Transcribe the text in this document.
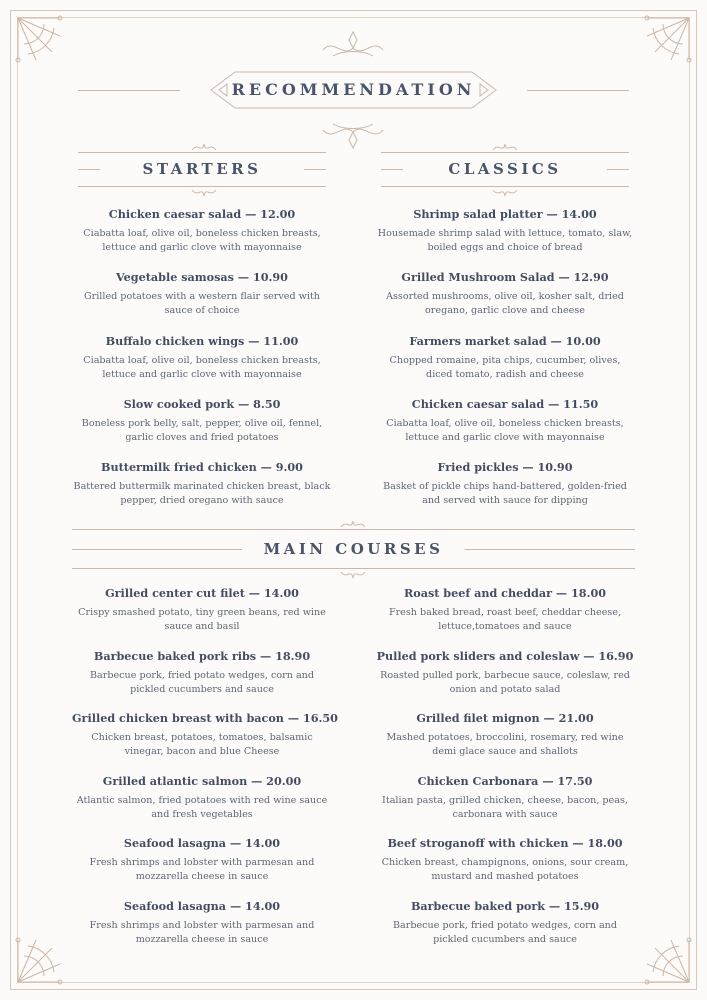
RECOMMENDATION
STARTERS	CLASSICS
Chicken caesar salad — 12.00
Ciabatta loaf, olive oil, boneless chicken breasts, lettuce and garlic clove with mayonnaise
Vegetable samosas — 10.90
Grilled potatoes with a western flair served with sauce of choice
Buffalo chicken wings — 11.00
Ciabatta loaf, olive oil, boneless chicken breasts, lettuce and garlic clove with mayonnaise
Slow cooked pork — 8.50
Boneless pork belly, salt, pepper, olive oil, fennel, garlic cloves and fried potatoes
Buttermilk fried chicken — 9.00
Battered buttermilk marinated chicken breast, black pepper, dried oregano with sauce
Shrimp salad platter — 14.00
Housemade shrimp salad with lettuce, tomato, slaw, boiled eggs and choice of bread
Grilled Mushroom Salad — 12.90
Assorted mushrooms, olive oil, kosher salt, dried oregano, garlic clove and cheese
Farmers market salad — 10.00
Chopped romaine, pita chips, cucumber, olives, diced tomato, radish and cheese
Chicken caesar salad — 11.50
Ciabatta loaf, olive oil, boneless chicken breasts, lettuce and garlic clove with mayonnaise
Fried pickles — 10.90
Basket of pickle chips hand-battered, golden-fried and served with sauce for dipping
MAIN COURSES
Grilled center cut filet — 14.00
Crispy smashed potato, tiny green beans, red wine sauce and basil
Barbecue baked pork ribs — 18.90
Barbecue pork, fried potato wedges, corn and pickled cucumbers and sauce
Grilled chicken breast with bacon — 16.50
Chicken breast, potatoes, tomatoes, balsamic vinegar, bacon and blue Cheese
Grilled atlantic salmon — 20.00
Atlantic salmon, fried potatoes with red wine sauce and fresh vegetables
Seafood lasagna — 14.00
Fresh shrimps and lobster with parmesan and mozzarella cheese in sauce
Seafood lasagna — 14.00
Fresh shrimps and lobster with parmesan and mozzarella cheese in sauce
Roast beef and cheddar — 18.00
Fresh baked bread, roast beef, cheddar cheese, lettuce,tomatoes and sauce
Pulled pork sliders and coleslaw — 16.90
Roasted pulled pork, barbecue sauce, coleslaw, red onion and potato salad
Grilled filet mignon — 21.00
Mashed potatoes, broccolini, rosemary, red wine demi glace sauce and shallots
Chicken Carbonara — 17.50
Italian pasta, grilled chicken, cheese, bacon, peas, carbonara with sauce
Beef stroganoff with chicken — 18.00
Chicken breast, champignons, onions, sour cream, mustard and mashed potatoes
Barbecue baked pork — 15.90
Barbecue pork, fried potato wedges, corn and pickled cucumbers and sauce
